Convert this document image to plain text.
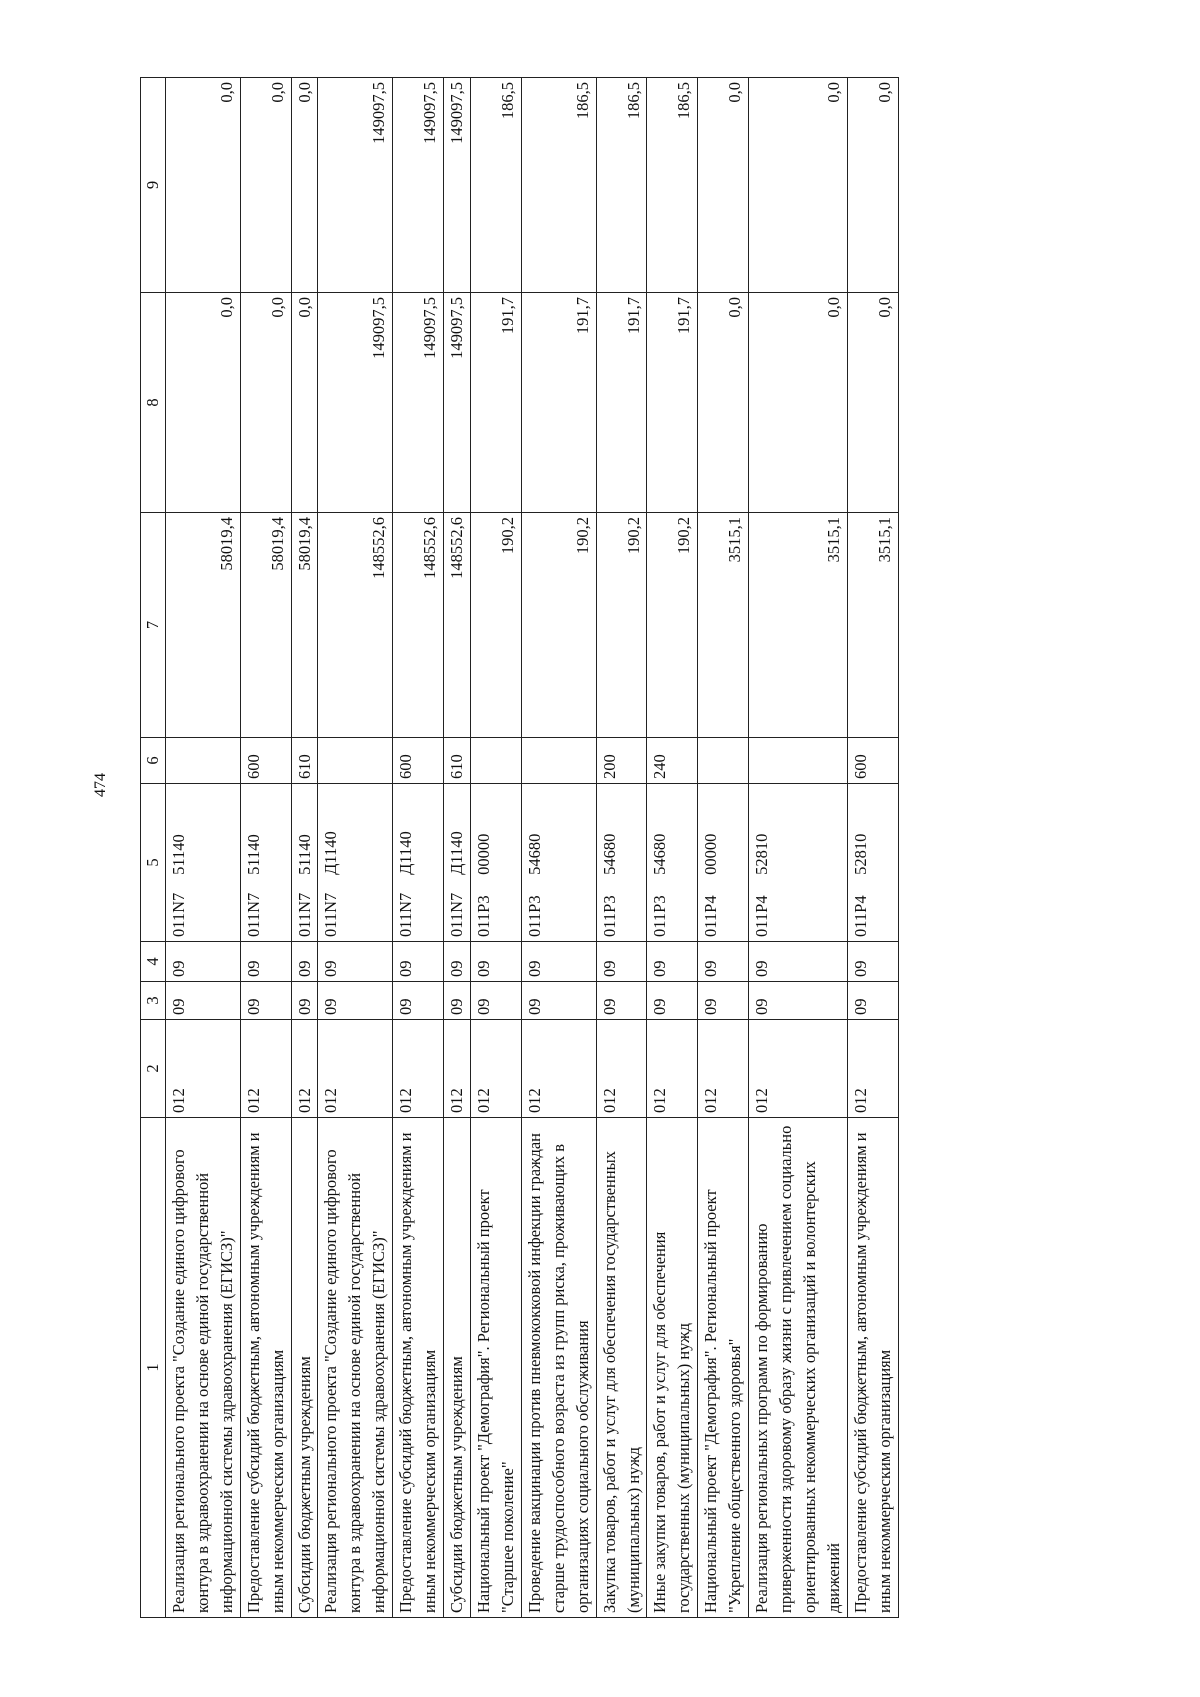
474
1	2	3	4	5	6	7	8	9
Реализация регионального проекта "Создание единого цифрового контура в здравоохранении на основе единой государственной информационной системы здравоохранения (ЕГИСЗ)"	012	09	09	011N7 51140		58019,4	0,0	0,0
Предоставление субсидий бюджетным, автономным учреждениям и иным некоммерческим организациям	012	09	09	011N7 51140	600	58019,4	0,0	0,0
Субсидии бюджетным учреждениям	012	09	09	011N7 51140	610	58019,4	0,0	0,0
Реализация регионального проекта "Создание единого цифрового контура в здравоохранении на основе единой государственной информационной системы здравоохранения (ЕГИСЗ)"	012	09	09	011N7 Д1140		148552,6	149097,5	149097,5
Предоставление субсидий бюджетным, автономным учреждениям и иным некоммерческим организациям	012	09	09	011N7 Д1140	600	148552,6	149097,5	149097,5
Субсидии бюджетным учреждениям	012	09	09	011N7 Д1140	610	148552,6	149097,5	149097,5
Национальный проект "Демография". Региональный проект "Старшее поколение"	012	09	09	011P3 00000		190,2	191,7	186,5
Проведение вакцинации против пневмококковой инфекции граждан старше трудоспособного возраста из групп риска, проживающих в организациях социального обслуживания	012	09	09	011P3 54680		190,2	191,7	186,5
Закупка товаров, работ и услуг для обеспечения государственных (муниципальных) нужд	012	09	09	011P3 54680	200	190,2	191,7	186,5
Иные закупки товаров, работ и услуг для обеспечения государственных (муниципальных) нужд	012	09	09	011P3 54680	240	190,2	191,7	186,5
Национальный проект "Демография". Региональный проект "Укрепление общественного здоровья"	012	09	09	011P4 00000		3515,1	0,0	0,0
Реализация региональных программ по формированию приверженности здоровому образу жизни с привлечением социально ориентированных некоммерческих организаций и волонтерских движений	012	09	09	011P4 52810		3515,1	0,0	0,0
Предоставление субсидий бюджетным, автономным учреждениям и иным некоммерческим организациям	012	09	09	011P4 52810	600	3515,1	0,0	0,0
